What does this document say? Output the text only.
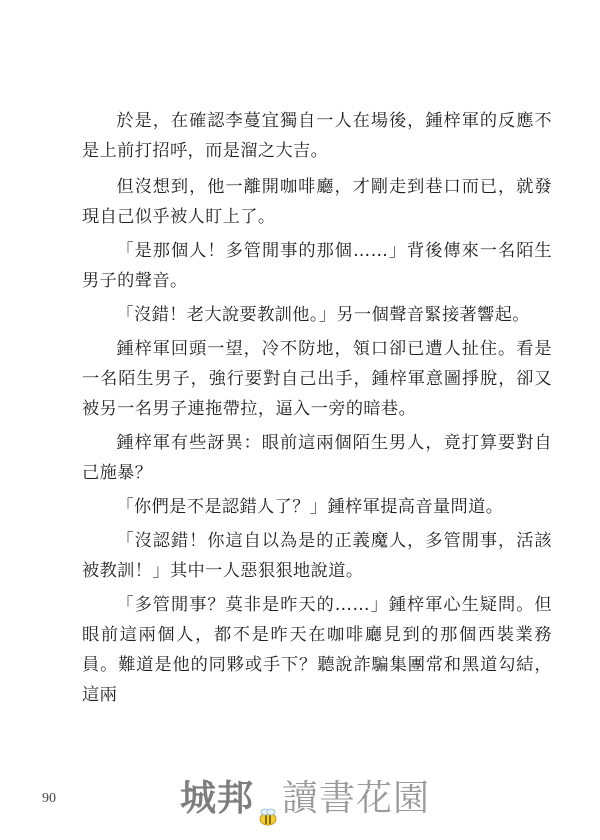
於是，在確認李蔓宜獨自一人在場後，鍾梓軍的反應不是上前打招呼，而是溜之大吉。

但沒想到，他一離開咖啡廳，才剛走到巷口而已，就發現自己似乎被人盯上了。

「是那個人！多管閒事的那個……」背後傳來一名陌生男子的聲音。

「沒錯！老大說要教訓他。」另一個聲音緊接著響起。

鍾梓軍回頭一望，冷不防地，領口卻已遭人扯住。看是一名陌生男子，強行要對自己出手，鍾梓軍意圖掙脫，卻又被另一名男子連拖帶拉，逼入一旁的暗巷。

鍾梓軍有些訝異：眼前這兩個陌生男人，竟打算要對自己施暴？

「你們是不是認錯人了？」鍾梓軍提高音量問道。

「沒認錯！你這自以為是的正義魔人，多管閒事，活該被教訓！」其中一人惡狠狠地說道。

「多管閒事？莫非是昨天的……」鍾梓軍心生疑問。但眼前這兩個人，都不是昨天在咖啡廳見到的那個西裝業務員。難道是他的同夥或手下？聽說詐騙集團常和黑道勾結，這兩

90	城邦 讀書花園
